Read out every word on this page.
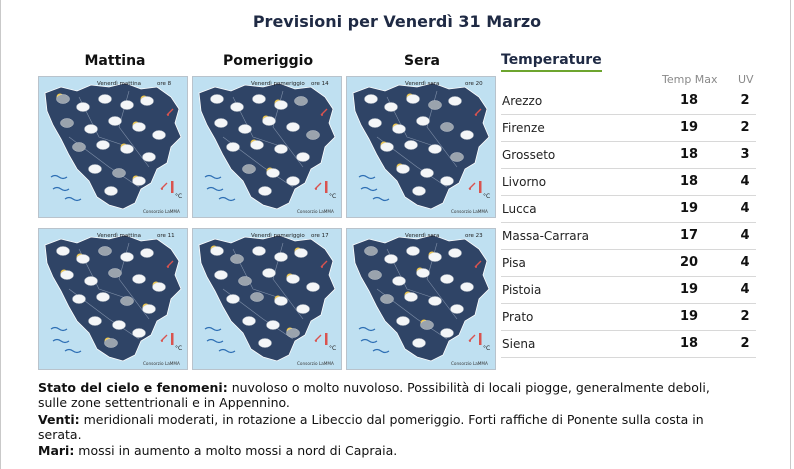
Previsioni per Venerdì 31 Marzo
Mattina	Pomeriggio	Sera
Venerdì mattina	ore 8
°C
Consorzio LaMMA
Venerdì pomeriggio ore 14
°C
Consorzio LaMMA
Venerdì sera	ore 20
°C
Consorzio LaMMA
Venerdì mattina	ore 11
°C
Consorzio LaMMA
Venerdì pomeriggio ore 17
°C
Consorzio LaMMA
Venerdì sera	ore 23
°C
Consorzio LaMMA
Temperature
Temp Max UV
Arezzo	18	2
Firenze	19	2
Grosseto	18	3
Livorno	18	4
Lucca	19	4
Massa-Carrara	17	4
Pisa	20	4
Pistoia	19	4
Prato	19	2
Siena	18	2
Stato del cielo e fenomeni: nuvoloso o molto nuvoloso. Possibilità di locali piogge, generalmente deboli,
sulle zone settentrionali e in Appennino.
Venti: meridionali moderati, in rotazione a Libeccio dal pomeriggio. Forti raffiche di Ponente sulla costa in
serata.
Mari: mossi in aumento a molto mossi a nord di Capraia.
